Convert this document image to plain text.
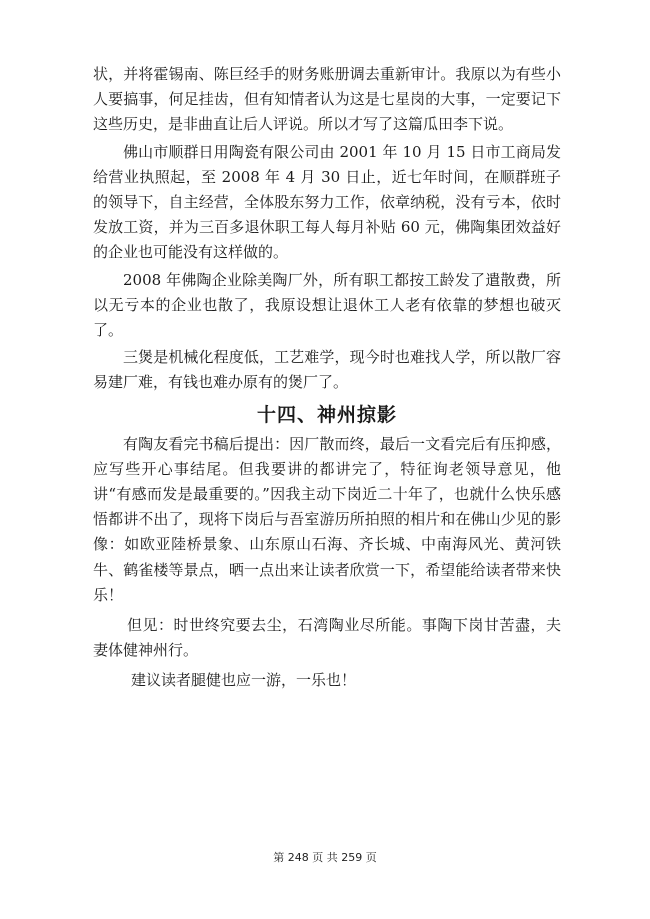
状，并将霍锡南、陈巨经手的财务账册调去重新审计。我原以为有些小人要搞事，何足挂齿，但有知情者认为这是七星岗的大事，一定要记下这些历史，是非曲直让后人评说。所以才写了这篇瓜田李下说。

佛山市顺群日用陶瓷有限公司由 2001 年 10 月 15 日市工商局发给营业执照起，至 2008 年 4 月 30 日止，近七年时间，在顺群班子的领导下，自主经营，全体股东努力工作，依章纳税，没有亏本，依时发放工资，并为三百多退休职工每人每月补贴 60 元，佛陶集团效益好的企业也可能没有这样做的。

2008 年佛陶企业除美陶厂外，所有职工都按工龄发了遣散费，所以无亏本的企业也散了，我原设想让退休工人老有依靠的梦想也破灭了。

三煲是机械化程度低，工艺难学，现今时也难找人学，所以散厂容易建厂难，有钱也难办原有的煲厂了。

十四、神州掠影

有陶友看完书稿后提出：因厂散而终，最后一文看完后有压抑感，应写些开心事结尾。但我要讲的都讲完了，特征询老领导意见，他讲“有感而发是最重要的。”因我主动下岗近二十年了，也就什么快乐感悟都讲不出了，现将下岗后与吾室游历所拍照的相片和在佛山少见的影像：如欧亚陸桥景象、山东原山石海、齐长城、中南海风光、黄河铁牛、鹤雀楼等景点，晒一点出来让读者欣赏一下，希望能给读者带来快乐！

但见：时世终究要去尘，石湾陶业尽所能。事陶下岗甘苦盡，夫妻体健神州行。

建议读者腿健也应一游，一乐也！

第 248 页 共 259 页
